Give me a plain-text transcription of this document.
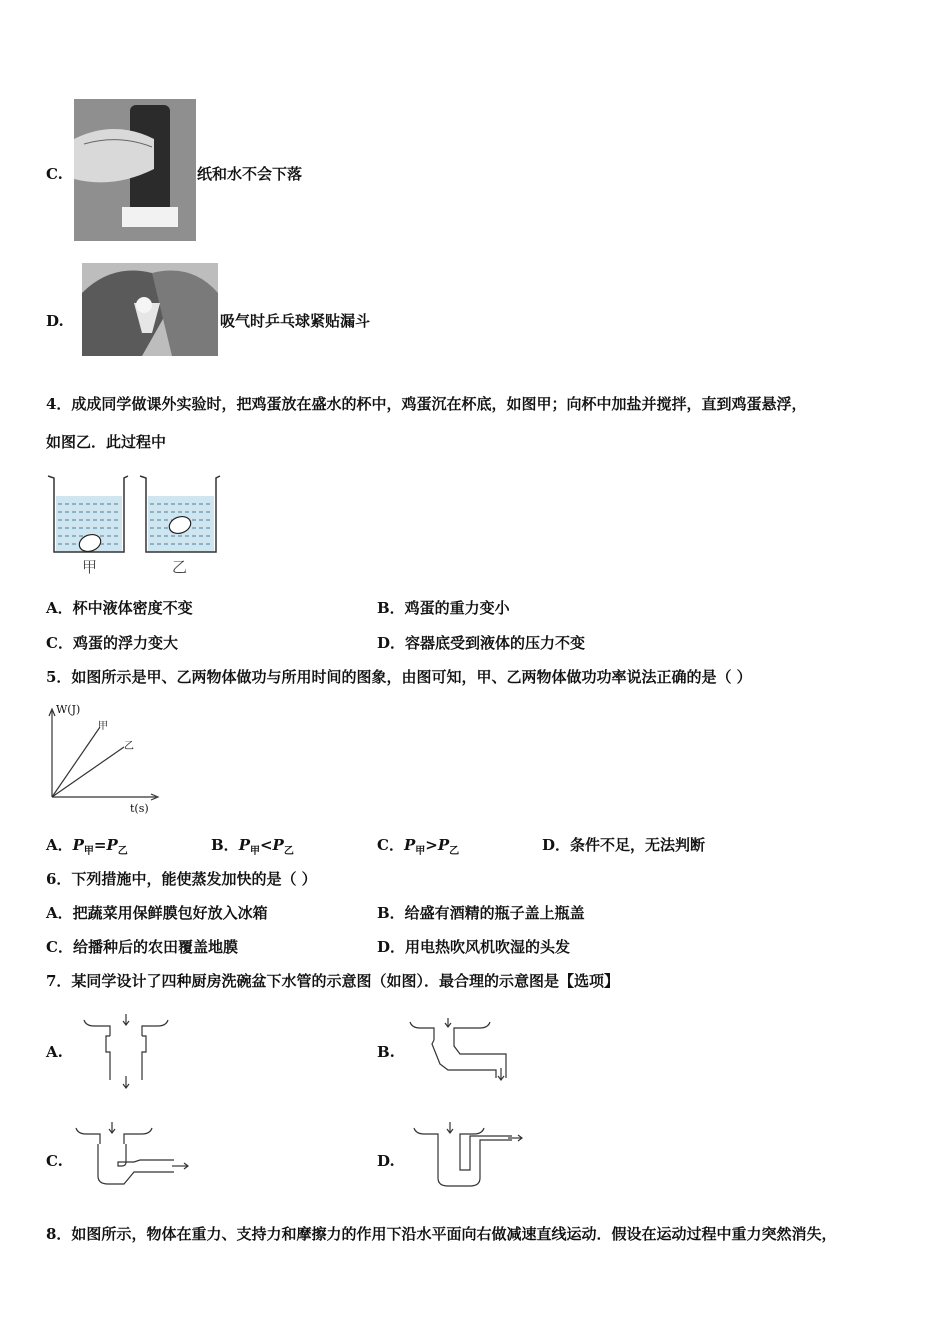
C.	纸和水不会下落
D.	吸气时乒乓球紧贴漏斗
4．成成同学做课外实验时，把鸡蛋放在盛水的杯中，鸡蛋沉在杯底，如图甲；向杯中加盐并搅拌，直到鸡蛋悬浮，
如图乙．此过程中
甲	乙
A．杯中液体密度不变	B．鸡蛋的重力变小
C．鸡蛋的浮力变大	D．容器底受到液体的压力不变
5．如图所示是甲、乙两物体做功与所用时间的图象，由图可知，甲、乙两物体做功功率说法正确的是（ ）
W(J)
t(s)
甲
乙
A．$P_甲=P_乙$	B．$P_甲<P_乙$	C．$P_甲>P_乙$	D．条件不足，无法判断
6．下列措施中，能使蒸发加快的是（ ）
A．把蔬菜用保鲜膜包好放入冰箱	B．给盛有酒精的瓶子盖上瓶盖
C．给播种后的农田覆盖地膜	D．用电热吹风机吹湿的头发
7．某同学设计了四种厨房洗碗盆下水管的示意图（如图）．最合理的示意图是【选项】
A.	B.
C.	D.
8．如图所示，物体在重力、支持力和摩擦力的作用下沿水平面向右做减速直线运动．假设在运动过程中重力突然消失，
